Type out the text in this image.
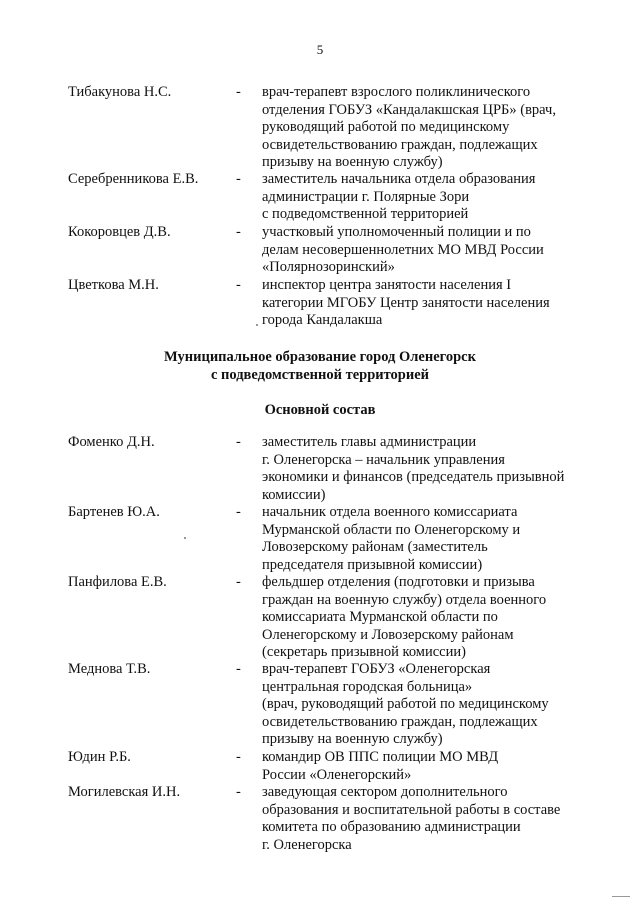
5
Тибакунова Н.С.	- врач-терапевт взрослого поликлинического
отделения ГОБУЗ «Кандалакшская ЦРБ» (врач,
руководящий работой по медицинскому
освидетельствованию граждан, подлежащих
призыву на военную службу)
Серебренникова Е.В.	- заместитель начальника отдела образования
администрации г. Полярные Зори
с подведомственной территорией
Кокоровцев Д.В.	- участковый уполномоченный полиции и по
делам несовершеннолетних МО МВД России
«Полярнозоринский»
Цветкова М.Н.	- инспектор центра занятости населения I
категории МГОБУ Центр занятости населения
города Кандалакша
Муниципальное образование город Оленегорск
с подведомственной территорией
Основной состав
Фоменко Д.Н.	- заместитель главы администрации
г. Оленегорска – начальник управления
экономики и финансов (председатель призывной
комиссии)
Бартенев Ю.А.	- начальник отдела военного комиссариата
Мурманской области по Оленегорскому и
Ловозерскому районам (заместитель
председателя призывной комиссии)
Панфилова Е.В.	- фельдшер отделения (подготовки и призыва
граждан на военную службу) отдела военного
комиссариата Мурманской области по
Оленегорскому и Ловозерскому районам
(секретарь призывной комиссии)
Меднова Т.В.	- врач-терапевт ГОБУЗ «Оленегорская
центральная городская больница»
(врач, руководящий работой по медицинскому
освидетельствованию граждан, подлежащих
призыву на военную службу)
Юдин Р.Б.	- командир ОВ ППС полиции МО МВД
России «Оленегорский»
Могилевская И.Н.	- заведующая сектором дополнительного
образования и воспитательной работы в составе
комитета по образованию администрации
г. Оленегорска
